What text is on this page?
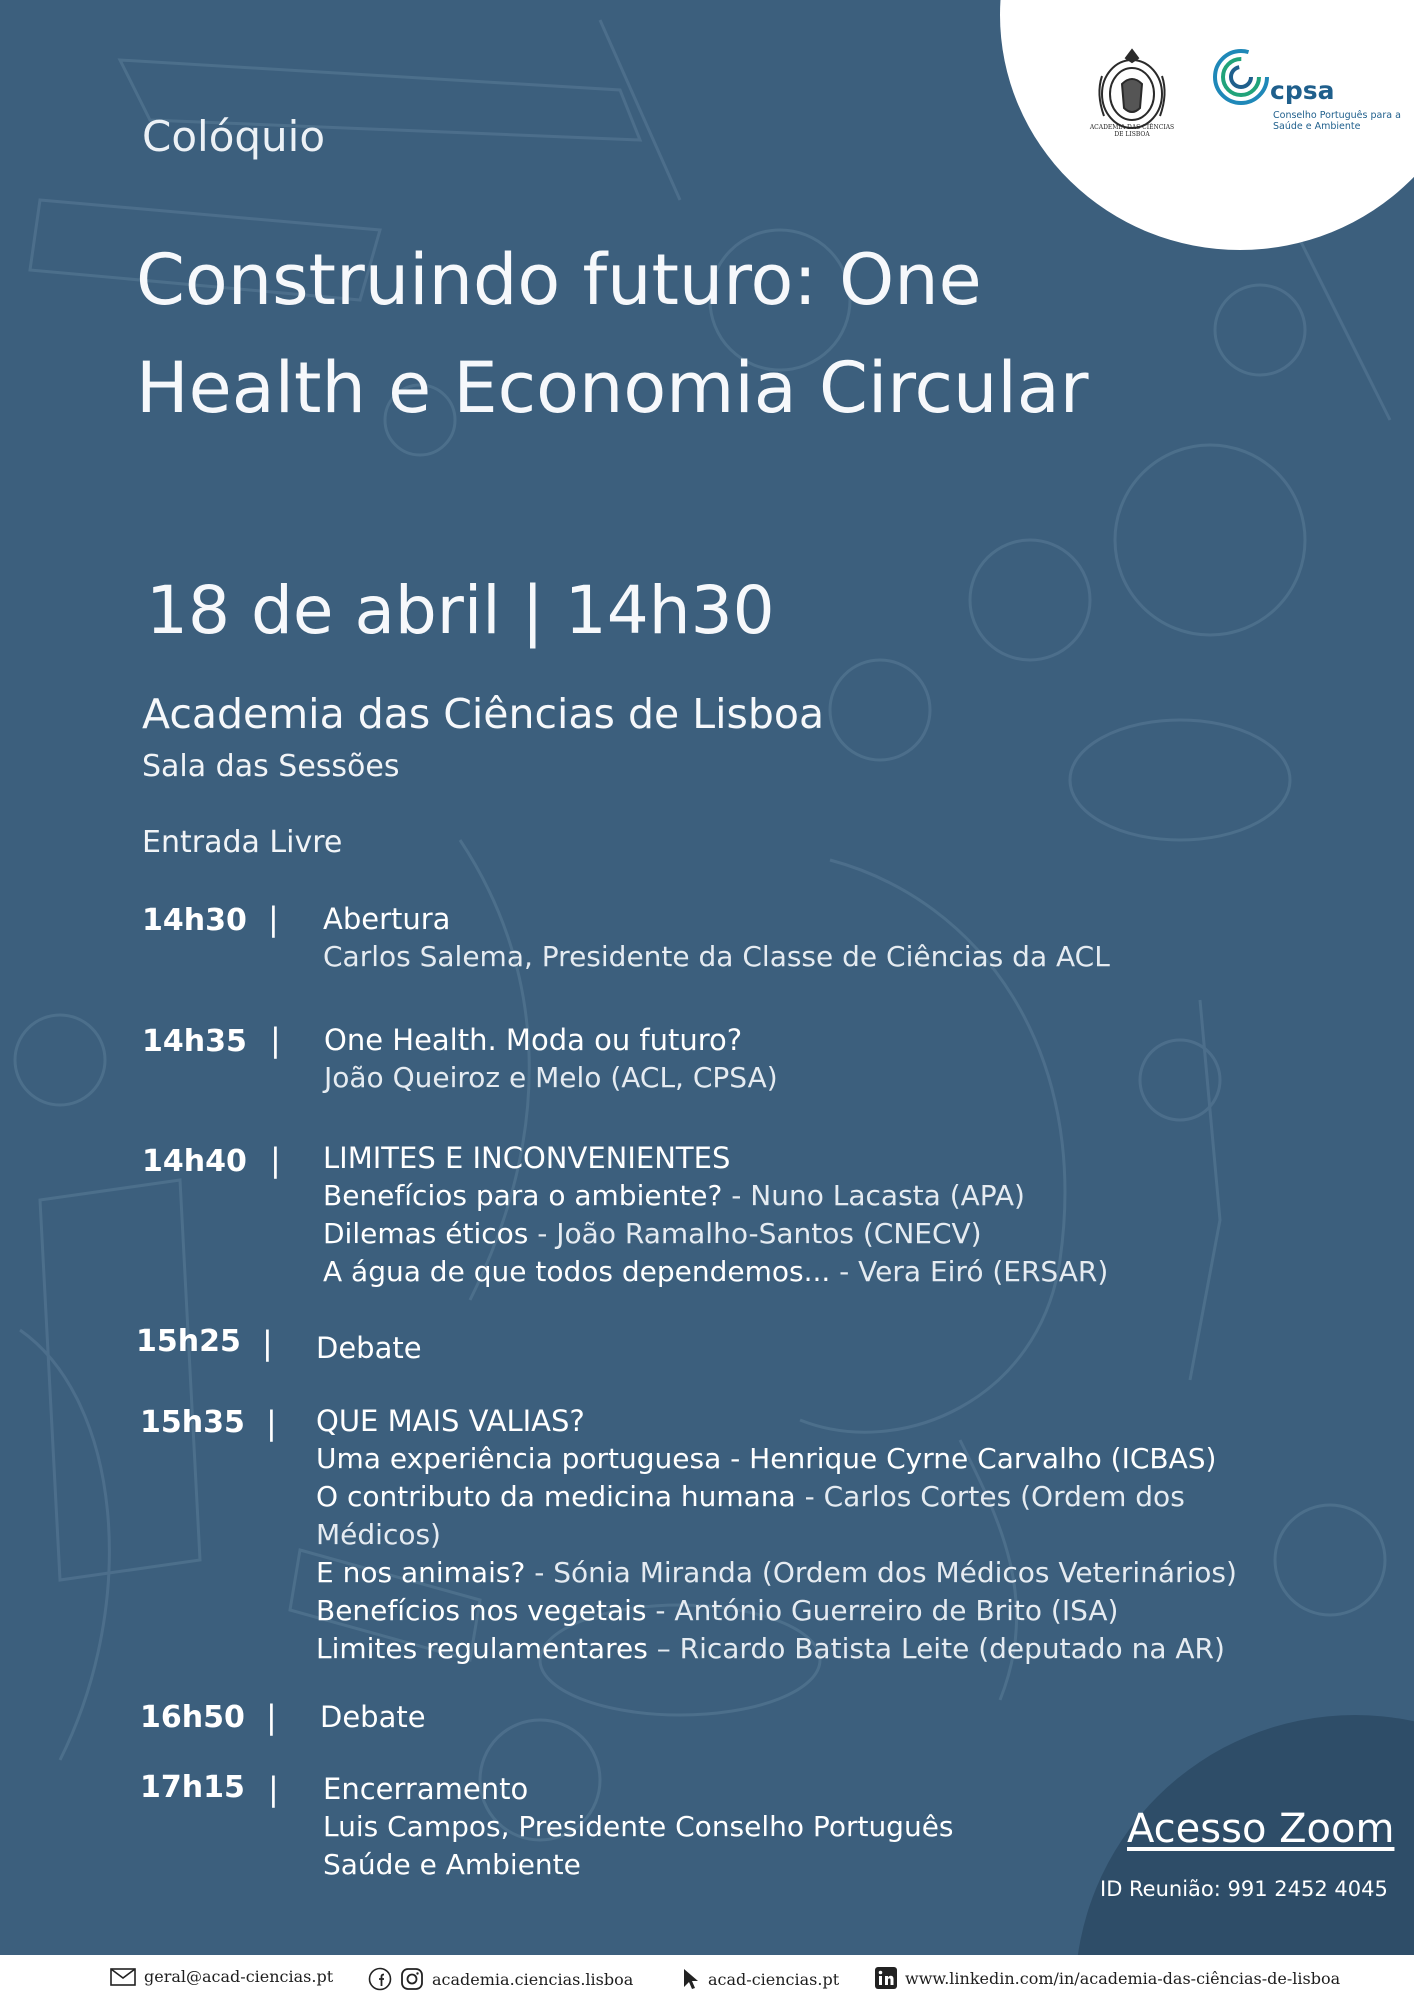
ACADEMIA DAS CIÊNCIAS DE LISBOA
cpsa
Conselho Português para a Saúde e Ambiente
Colóquio
Construindo futuro: One Health e Economia Circular
18 de abril | 14h30
Academia das Ciências de Lisboa
Sala das Sessões
Entrada Livre
14h30 | Abertura
Carlos Salema, Presidente da Classe de Ciências da ACL
14h35 | One Health. Moda ou futuro?
João Queiroz e Melo (ACL, CPSA)
14h40 | LIMITES E INCONVENIENTES
Benefícios para o ambiente? - Nuno Lacasta (APA)
Dilemas éticos - João Ramalho-Santos (CNECV)
A água de que todos dependemos... - Vera Eiró (ERSAR)
15h25 | Debate
15h35 | QUE MAIS VALIAS?
Uma experiência portuguesa - Henrique Cyrne Carvalho (ICBAS)
O contributo da medicina humana - Carlos Cortes (Ordem dos
Médicos)
E nos animais? - Sónia Miranda (Ordem dos Médicos Veterinários)
Benefícios nos vegetais - António Guerreiro de Brito (ISA)
Limites regulamentares – Ricardo Batista Leite (deputado na AR)
16h50 | Debate
17h15 | Encerramento
Luis Campos, Presidente Conselho Português
Saúde e Ambiente
Acesso Zoom
ID Reunião: 991 2452 4045
geral@acad-ciencias.pt	academia.ciencias.lisboa	acad-ciencias.pt	www.linkedin.com/in/academia-das-ciências-de-lisboa
